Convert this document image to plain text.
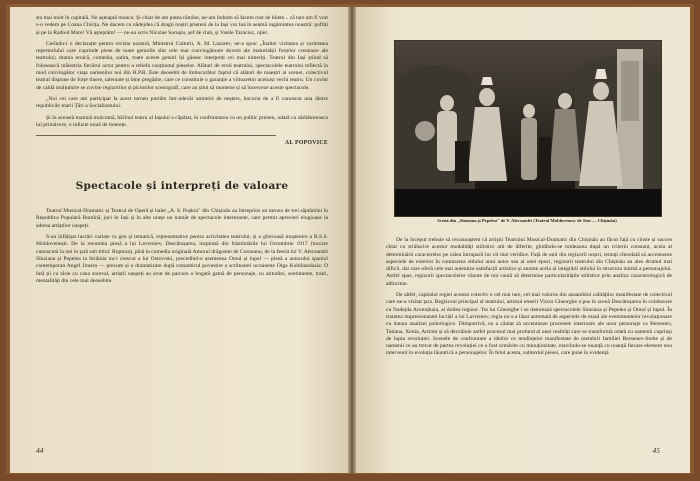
sta mai mult în capitală. Ne așteaptă munca. Și chiar de am putea rămîne, ne-am îndoim să facem rost de bilete... că tare am fi vrut s-o vedem pe Coana Chirița. Ne ducem cu nădejdea că dragii noștri prieteni de la Iași vor lua în seamă rugămintea noastră: poftiți și pe la Radiod Mare! Vă așteptăm! — ne-au scris Nicolae Suruşiu, șef de club, și Vasile Taraciuc, oțier.

Cerîndu-i o declarație pentru revista noastră, Ministrul Culturii, A. M. Lazarev, ne-a spus: „Înaltei vizitatea și varietatea repertoriului care cuprinde piese de toate genurile sînt cele mai convingătoare dovezi ale maturității forțelor creatoare ale teatrului; drama eroică, comedia, satira, toate aceste genuri își găsesc interpreți cei mai nimeriți. Teatrul din Iași știind să folosească măiestria fiecărui actor pentru a reliefa conținutul pieselor. Alături de eroii teatrului, spectacolele teatrului reflectă în mod convingător viața oamenilor noi din R.P.R. Este deosebit de îmbucurător faptul că alături de maeștri ai scenei, colectivul teatral dispune de forțe tinere, talentate și bine pregătite, care ce constituie o garanție a viitoarelor aceluiși vechi teatru. Un cuvînt de caldă mulțumire se cuvine regizorilor și pictorilor scenografi, care au știut să monteze și să încerceze aceste spectacole.

„Noi cei care am participat la acest turneu purtăm într-adevăr amintiri de neșters, bucuria de a fi cunoscut una dintre republicile marii Țări a Socialismului.

Și în această toamnă molcomă, bărînul teatru al Iașului a căpătat, în confruntarea cu un public prieten, odată cu sărbătoreasca lui primăvere, o infuzie nouă de tinerețe.

AL POPOVICE
Spectacole și interpreți de valoare

Teatrul Musical-Dramatic și Teatrul de Operă și balet „A. S. Pușkin" din Chișinău au întreprins un turneu de trei săptămîni în Republica Populară Romînă, juci în Iași și în alte orașe un număr de spectacole interesante, care permit aprecieri elogioase la adresa artiștilor oaspeți.

S-au înfățișat lucrări variate ca gen și tematică, reprezentative pentru activitatea teatrului, și o glorioasă moștenire a R.S.S. Moldovenești. De la renumita piesă a lui Lavreniev, Descătușarea, inspirată din frămîntările lui Octombrie 1917 (lucrare cunoscută la noi în țară sub titlul: Ruptura), pînă la comedia originală Amurul drăgostei de Corneanu, de la feeria lui V. Alecsandri Sînziana și Pepelea la Străinia nu-i crescut a lui Ostrovski, precedînd-o asemenea Omul și lupul — piesă a autorului spaniol contemporan Angel Jimera — precum și o dramatizare după romanticul povestire a scriitoarei ucrainene Olga Kobilianskaia: O fată ții cu tărie cu cana soreval, artiștii oaspeți au avut de parcurs o bogată gamă de personaje, cu atitudini, sentimente, trairi, mentalități din cele mai deosebite.

44
Scenă din „Sînziana și Pepelea" de V. Alecsandri (Teatrul Moldovenesc de Stat — Chișinău)

De la început trebuie să recunoaștem că artiștii Teatrului Musical-Dramatic din Chișinău au făcut față cu cinste și succes chiar cu strălucire acestor modalități stilistice atît de diferite, ghidîndu-se totdeauna după un criteriu constant, acela al determinării caracterelor pe calea întruparii lor cît mai veridice. Față de unii din regizorii noștri, tentați cîteodată să accentueze aspectele de exterior în conturarea stilului unui autor sau al unei epoci, regizorii teatrului din Chișinău au ales drumul mai dificil, dar care oferă cele mai autentice satisfacții artistice și anume acela al integrării stilului în structura intimă a personajului. Astfel spus, regizorii spectacolelor văzute de noi caută să determine particularitățile stilistice prin analiza caracterologică de adîncime.

De altfel, capitalul regiei acestui colectiv e cel mai tare, cel mai valoros din ansamblul calităților manifestate de colectivul care ne-a vizitat țara. Regizorul principal al teatrului, artistul emerit Victor Gheorghe a pus în scenă Descătușarea în colaborare cu Nadejda Aronoțkaia, al doilea regizor. Tot lui Gheorghe i se datorează spectacolele Sînziana și Pepelea și Omul și lupul. În tratarea impresionantei lucrări a lui Lavreniev, regia nu s-a lăsat antrenată de aspectele de masă ale evenimentelor revoluționare cu dauna analizei psihologice. Dimpotrivă, ea a căutat să accentueze procesele interioare ale unor personaje ca Bersenev, Tatiana, Xenia, Artiom și să dezvăluie astfel procesul mai profund al unei realități care se transformă odată cu oamenii cuprinși de lupta revoluției. Scenele de confruntare a ideilor ce tendințelor manifestate de membrii familiei Bersenev-Stube și de oamenii ce au trecut de partea revoluției ce o fost urmărite cu minuțiozitate, marcîndu-se nuanță cu nuanță fiecare element nou intervenit în evoluția lăuntrică a personajelor. În felul acesta, subtextul piesei, care pune în evidență

45
